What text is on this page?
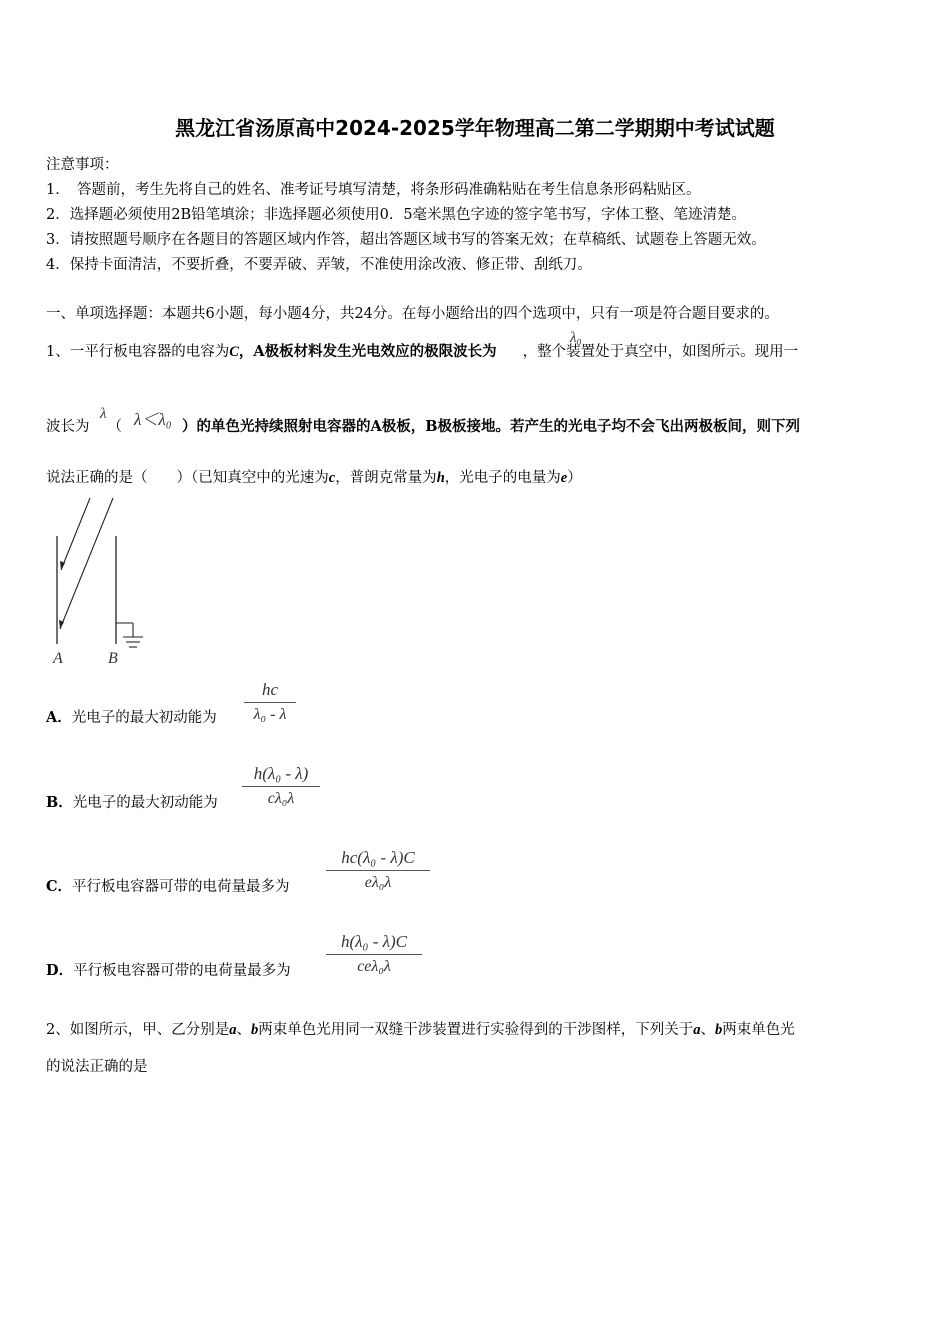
黑龙江省汤原高中2024-2025学年物理高二第二学期期中考试试题
注意事项：
1．　答题前，考生先将自己的姓名、准考证号填写清楚，将条形码准确粘贴在考生信息条形码粘贴区。
2．选择题必须使用2B铅笔填涂；非选择题必须使用0．5毫米黑色字迹的签字笔书写，字体工整、笔迹清楚。
3．请按照题号顺序在各题目的答题区域内作答，超出答题区域书写的答案无效；在草稿纸、试题卷上答题无效。
4．保持卡面清洁，不要折叠，不要弄破、弄皱，不准使用涂改液、修正带、刮纸刀。
一、单项选择题：本题共6小题，每小题4分，共24分。在每小题给出的四个选项中，只有一项是符合题目要求的。
1、一平行板电容器的电容为C，A极板材料发生光电效应的极限波长为 ，整个装置处于真空中，如图所示。现用一
λ₀
波长为 （	）的单色光持续照射电容器的A极板，B极板接地。若产生的光电子均不会飞出两极板间，则下列
λ λ＜λ₀
说法正确的是（　　）（已知真空中的光速为c，普朗克常量为h，光电子的电量为e）
A	B
A．光电子的最大初动能为
hc
λ₀ - λ
B．光电子的最大初动能为
h(λ₀ - λ)
cλ₀λ
C．平行板电容器可带的电荷量最多为
hc(λ₀ - λ)C
eλ₀λ
D．平行板电容器可带的电荷量最多为
h(λ₀ - λ)C
ceλ₀λ
2、如图所示，甲、乙分别是a、b两束单色光用同一双缝干涉装置进行实验得到的干涉图样，下列关于a、b两束单色光
的说法正确的是
